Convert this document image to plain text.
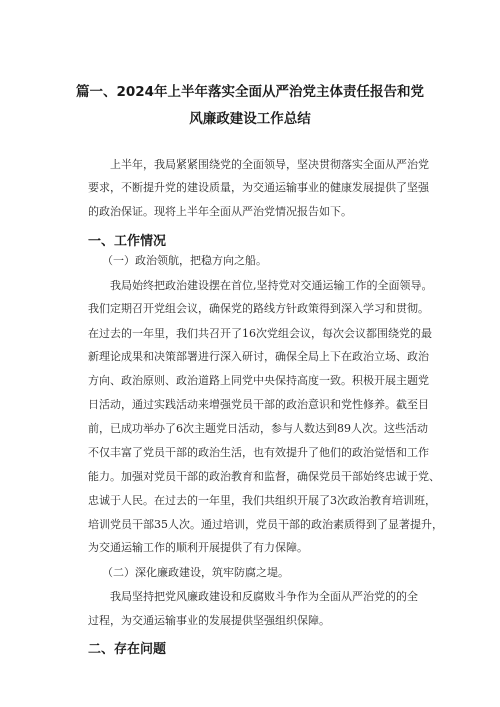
篇一、2024年上半年落实全面从严治党主体责任报告和党
风廉政建设工作总结
上半年，我局紧紧围绕党的全面领导，坚决贯彻落实全面从严治党
要求，不断提升党的建设质量，为交通运输事业的健康发展提供了坚强
的政治保证。现将上半年全面从严治党情况报告如下。
一、工作情况
（一）政治领航，把稳方向之船。
我局始终把政治建设摆在首位,坚持党对交通运输工作的全面领导。
我们定期召开党组会议，确保党的路线方针政策得到深入学习和贯彻。
在过去的一年里，我们共召开了16次党组会议，每次会议都围绕党的最
新理论成果和决策部署进行深入研讨，确保全局上下在政治立场、政治
方向、政治原则、政治道路上同党中央保持高度一致。积极开展主题党
日活动，通过实践活动来增强党员干部的政治意识和党性修养。截至目
前，已成功举办了6次主题党日活动，参与人数达到89人次。这些活动
不仅丰富了党员干部的政治生活，也有效提升了他们的政治觉悟和工作
能力。加强对党员干部的政治教育和监督，确保党员干部始终忠诚于党、
忠诚于人民。在过去的一年里，我们共组织开展了3次政治教育培训班，
培训党员干部35人次。通过培训，党员干部的政治素质得到了显著提升，
为交通运输工作的顺利开展提供了有力保障。
（二）深化廉政建设，筑牢防腐之堤。
我局坚持把党风廉政建设和反腐败斗争作为全面从严治党的的全
过程，为交通运输事业的发展提供坚强组织保障。
二、存在问题
